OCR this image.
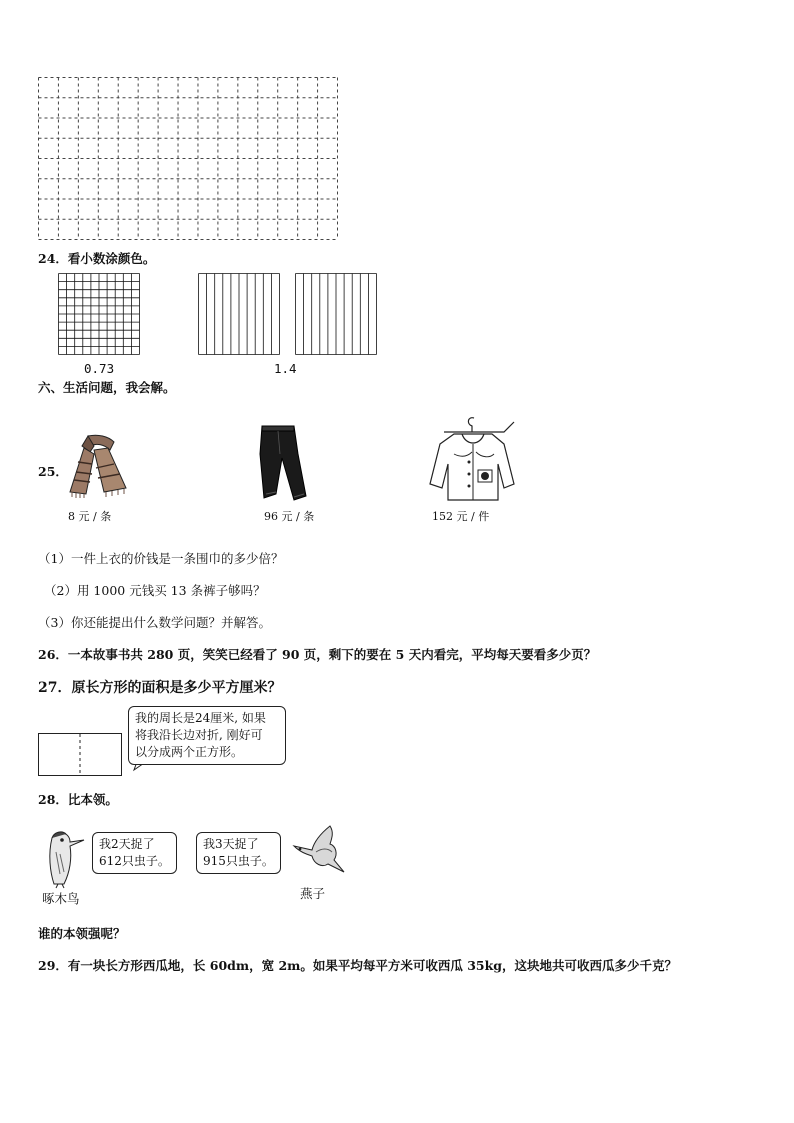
24．看小数涂颜色。
0.73	1.4
六、生活问题，我会解。
25．
8 元 / 条	96 元 / 条	152 元 / 件
（1）一件上衣的价钱是一条围巾的多少倍？
（2）用 1000 元钱买 13 条裤子够吗？
（3）你还能提出什么数学问题？并解答。
26．一本故事书共 280 页，笑笑已经看了 90 页，剩下的要在 5 天内看完，平均每天要看多少页？
27．原长方形的面积是多少平方厘米？
我的周长是24厘米, 如果
将我沿长边对折, 刚好可
以分成两个正方形。
28．比本领。
我2天捉了
612只虫子。
啄木鸟
我3天捉了
915只虫子。
燕子
谁的本领强呢？
29．有一块长方形西瓜地，长 60dm，宽 2m。如果平均每平方米可收西瓜 35kg，这块地共可收西瓜多少千克？
